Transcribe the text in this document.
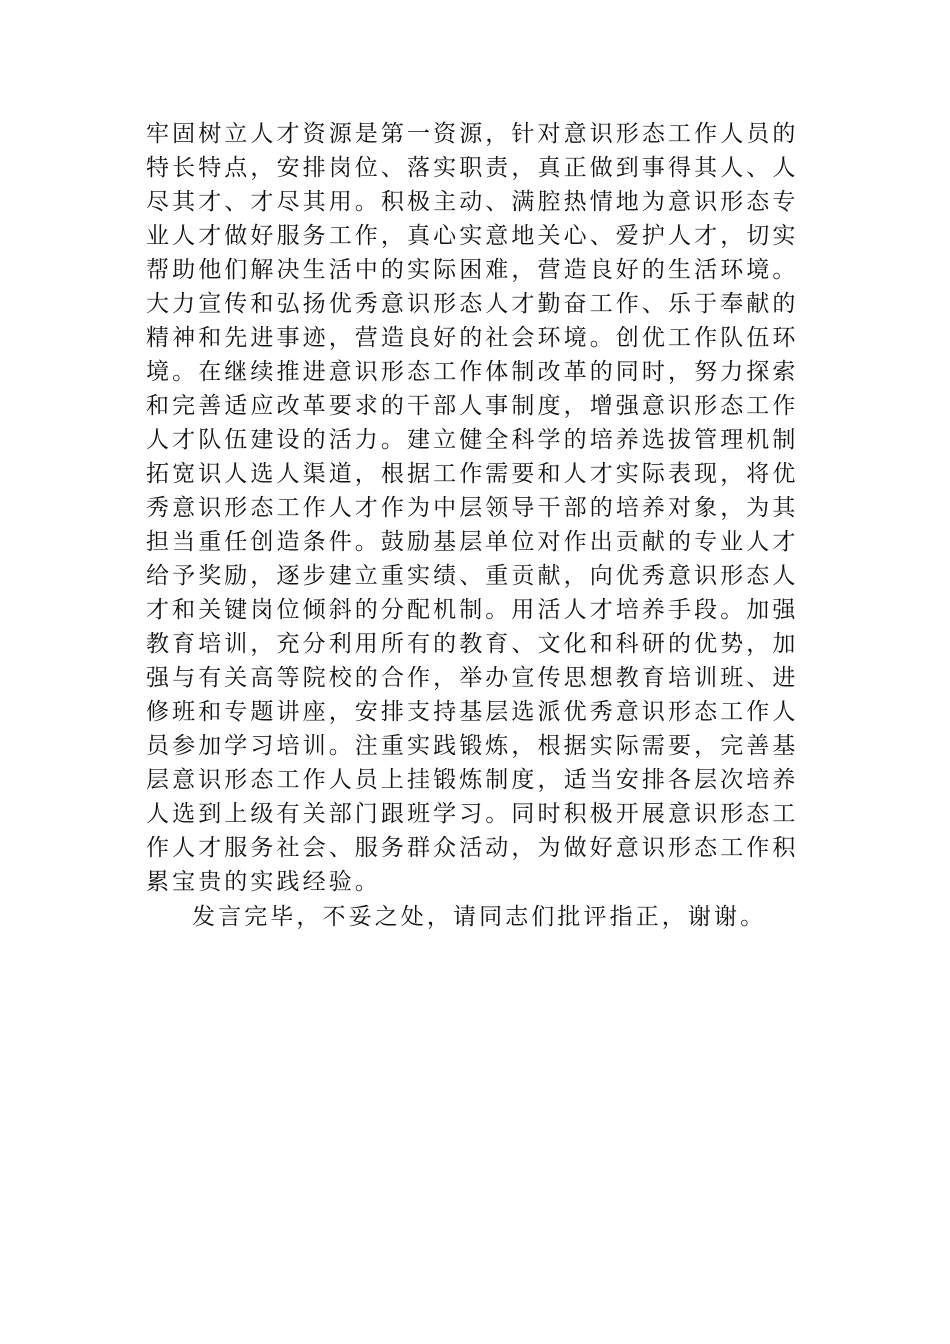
牢固树立人才资源是第一资源，针对意识形态工作人员的
特长特点，安排岗位、落实职责，真正做到事得其人、人
尽其才、才尽其用。积极主动、满腔热情地为意识形态专
业人才做好服务工作，真心实意地关心、爱护人才，切实
帮助他们解决生活中的实际困难，营造良好的生活环境。
大力宣传和弘扬优秀意识形态人才勤奋工作、乐于奉献的
精神和先进事迹，营造良好的社会环境。创优工作队伍环
境。在继续推进意识形态工作体制改革的同时，努力探索
和完善适应改革要求的干部人事制度，增强意识形态工作
人才队伍建设的活力。建立健全科学的培养选拔管理机制
拓宽识人选人渠道，根据工作需要和人才实际表现，将优
秀意识形态工作人才作为中层领导干部的培养对象，为其
担当重任创造条件。鼓励基层单位对作出贡献的专业人才
给予奖励，逐步建立重实绩、重贡献，向优秀意识形态人
才和关键岗位倾斜的分配机制。用活人才培养手段。加强
教育培训，充分利用所有的教育、文化和科研的优势，加
强与有关高等院校的合作，举办宣传思想教育培训班、进
修班和专题讲座，安排支持基层选派优秀意识形态工作人
员参加学习培训。注重实践锻炼，根据实际需要，完善基
层意识形态工作人员上挂锻炼制度，适当安排各层次培养
人选到上级有关部门跟班学习。同时积极开展意识形态工
作人才服务社会、服务群众活动，为做好意识形态工作积
累宝贵的实践经验。
发言完毕，不妥之处，请同志们批评指正，谢谢。
